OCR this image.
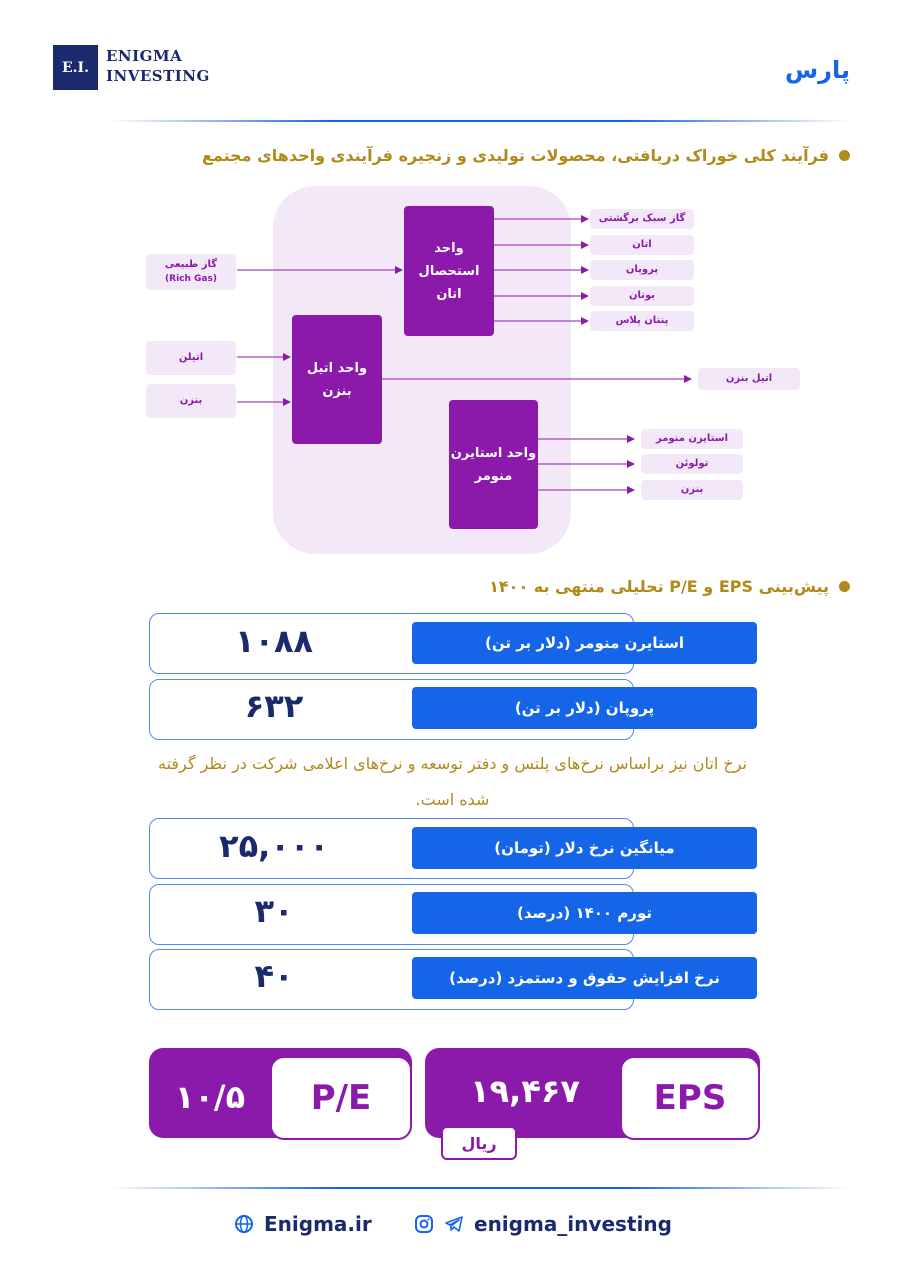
E.I.
ENIGMA
INVESTING	پارس
فرآیند کلی خوراک دریافتی، محصولات تولیدی و زنجیره فرآیندی واحدهای مجتمع
گاز طبیعی
(Rich Gas)
اتیلن
بنزن
واحد استحصال اتان
واحد اتیل بنزن
واحد استایرن منومر
گاز سبک برگشتی
اتان
پروپان
بوتان
پنتان پلاس
اتیل بنزن
استایرن منومر
تولوئن
بنزن
پیش‌بینی EPS و P/E تحلیلی منتهی به ۱۴۰۰
استایرن منومر (دلار بر تن)
۱۰۸۸
پروپان (دلار بر تن)
۶۳۲
نرخ اتان نیز براساس نرخ‌های پلتس و دفتر توسعه و نرخ‌های اعلامی شرکت در نظر گرفته شده است.
میانگین نرخ دلار (تومان)
۲۵,۰۰۰
تورم ۱۴۰۰ (درصد)
۳۰
نرخ افزایش حقوق و دستمزد (درصد)
۴۰
P/E
۱۰/۵	EPS
۱۹,۴۶۷
ریال
Enigma.ir	enigma_investing
